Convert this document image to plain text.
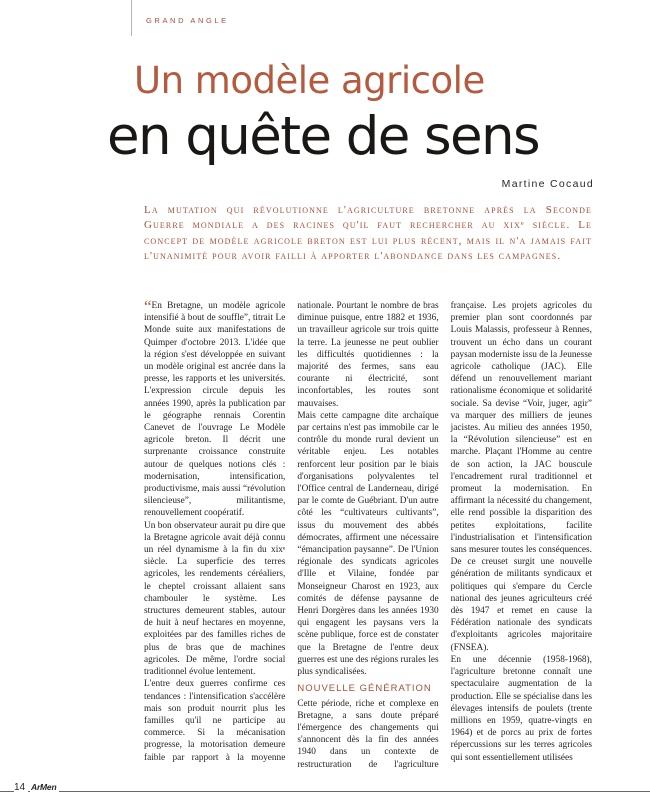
GRAND ANGLE
Un modèle agricole
en quête de sens
Martine Cocaud

La mutation qui révolutionne l'agriculture bretonne après la Seconde Guerre mondiale a des racines qu'il faut rechercher au xixᵉ siècle. Le concept de modèle agricole breton est lui plus récent, mais il n'a jamais fait l'unanimité pour avoir failli à apporter l'abondance dans les campagnes.

“En Bretagne, un modèle agricole intensifié à bout de souffle”, titrait Le Monde suite aux manifestations de Quimper d'octobre 2013. L'idée que la région s'est développée en suivant un modèle original est ancrée dans la presse, les rapports et les universités. L'expression circule depuis les années 1990, après la publication par le géographe rennais Corentin Canevet de l'ouvrage Le Modèle agricole breton. Il décrit une surprenante croissance construite autour de quelques notions clés : modernisation, intensification, productivisme, mais aussi “révolution silencieuse”, militantisme, renouvellement coopératif.

Un bon observateur aurait pu dire que la Bretagne agricole avait déjà connu un réel dynamisme à la fin du xixᵉ siècle. La superficie des terres agricoles, les rendements céréaliers, le cheptel croissant allaient sans chambouler le système. Les structures demeurent stables, autour de huit à neuf hectares en moyenne, exploitées par des familles riches de plus de bras que de machines agricoles. De même, l'ordre social traditionnel évolue lentement.

L'entre deux guerres confirme ces tendances : l'intensification s'accélère mais son produit nourrit plus les familles qu'il ne participe au commerce. Si la mécanisation progresse, la motorisation demeure faible par rapport à la moyenne nationale. Pourtant le nombre de bras diminue puisque, entre 1882 et 1936, un travailleur agricole sur trois quitte la terre. La jeunesse ne peut oublier les difficultés quotidiennes : la majorité des fermes, sans eau courante ni électricité, sont inconfortables, les routes sont mauvaises.

Mais cette campagne dite archaïque par certains n'est pas immobile car le contrôle du monde rural devient un véritable enjeu. Les notables renforcent leur position par le biais d'organisations polyvalentes tel l'Office central de Landerneau, dirigé par le comte de Guébriant. D'un autre côté les “cultivateurs cultivants”, issus du mouvement des abbés démocrates, affirment une nécessaire “émancipation paysanne”. De l'Union régionale des syndicats agricoles d'Ille et Vilaine, fondée par Monseigneur Charost en 1923, aux comités de défense paysanne de Henri Dorgères dans les années 1930 qui engagent les paysans vers la scène publique, force est de constater que la Bretagne de l'entre deux guerres est une des régions rurales les plus syndicalisées.

NOUVELLE GÉNÉRATION

Cette période, riche et complexe en Bretagne, a sans doute préparé l'émergence des changements qui s'annoncent dès la fin des années 1940 dans un contexte de restructuration de l'agriculture française. Les projets agricoles du premier plan sont coordonnés par Louis Malassis, professeur à Rennes, trouvent un écho dans un courant paysan moderniste issu de la Jeunesse agricole catholique (JAC). Elle défend un renouvellement mariant rationalisme économique et solidarité sociale. Sa devise “Voir, juger, agir” va marquer des milliers de jeunes jacistes. Au milieu des années 1950, la “Révolution silencieuse” est en marche. Plaçant l'Homme au centre de son action, la JAC bouscule l'encadrement rural traditionnel et promeut la modernisation. En affirmant la nécessité du changement, elle rend possible la disparition des petites exploitations, facilite l'industrialisation et l'intensification sans mesurer toutes les conséquences. De ce creuset surgit une nouvelle génération de militants syndicaux et politiques qui s'empare du Cercle national des jeunes agriculteurs créé dès 1947 et remet en cause la Fédération nationale des syndicats d'exploitants agricoles majoritaire (FNSEA).

En une décennie (1958-1968), l'agriculture bretonne connaît une spectaculaire augmentation de la production. Elle se spécialise dans les élevages intensifs de poulets (trente millions en 1959, quatre-vingts en 1964) et de porcs au prix de fortes répercussions sur les terres agricoles qui sont essentiellement utilisées

14 ArMen
